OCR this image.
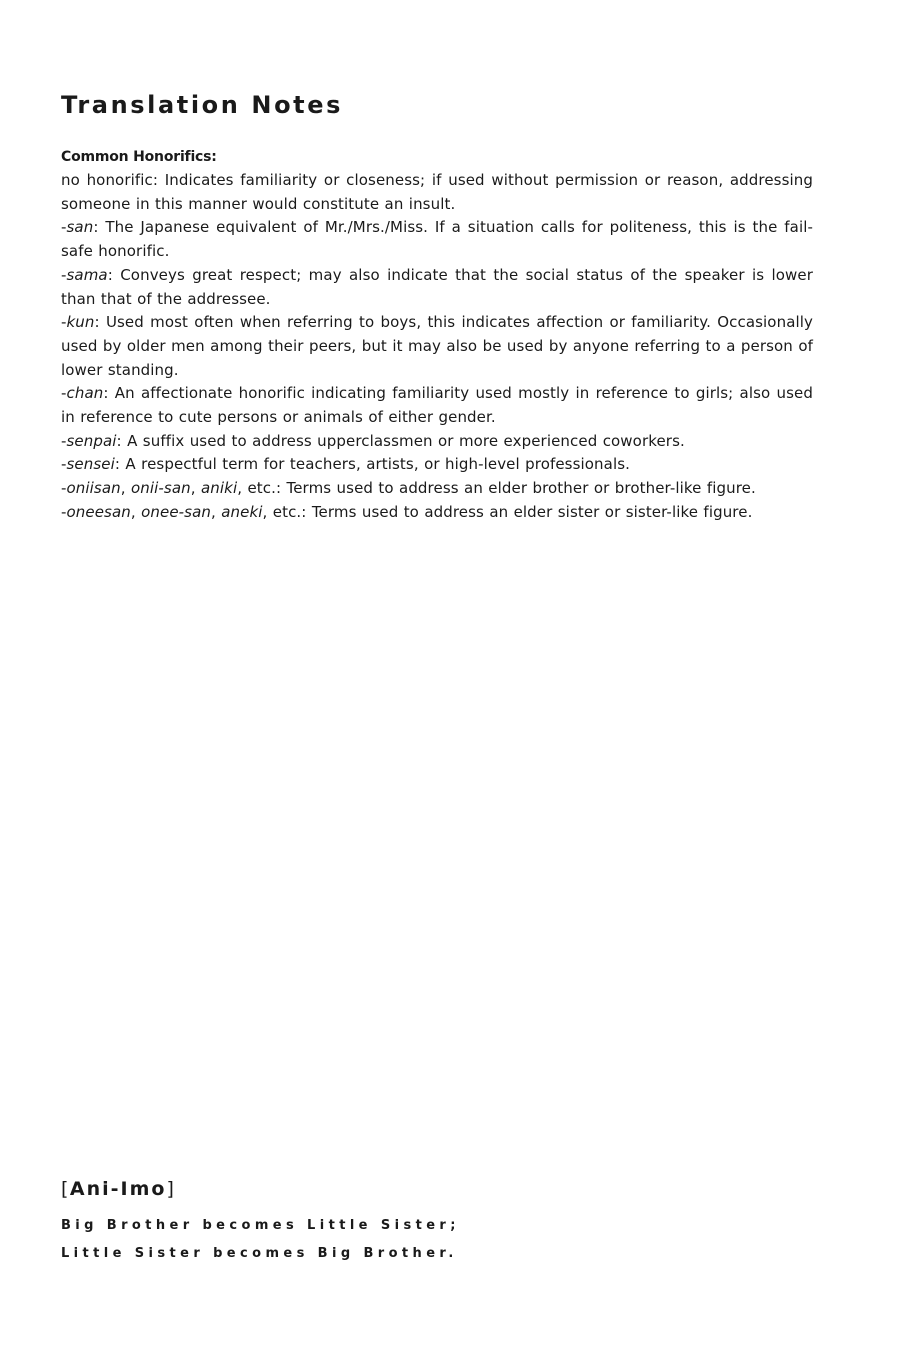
Translation Notes
Common Honorifics:

no honorific: Indicates familiarity or closeness; if used without permission or reason, addressing someone in this manner would constitute an insult.

-san: The Japanese equivalent of Mr./Mrs./Miss. If a situation calls for politeness, this is the fail-safe honorific.

-sama: Conveys great respect; may also indicate that the social status of the speaker is lower than that of the addressee.

-kun: Used most often when referring to boys, this indicates affection or familiarity. Occasionally used by older men among their peers, but it may also be used by anyone referring to a person of lower standing.

-chan: An affectionate honorific indicating familiarity used mostly in reference to girls; also used in reference to cute persons or animals of either gender.

-senpai: A suffix used to address upperclassmen or more experienced coworkers.

-sensei: A respectful term for teachers, artists, or high-level professionals.

-oniisan, onii-san, aniki, etc.: Terms used to address an elder brother or brother-like figure.

-oneesan, onee-san, aneki, etc.: Terms used to address an elder sister or sister-like figure.

[Ani-Imo]

Big Brother becomes Little Sister;

Little Sister becomes Big Brother.
